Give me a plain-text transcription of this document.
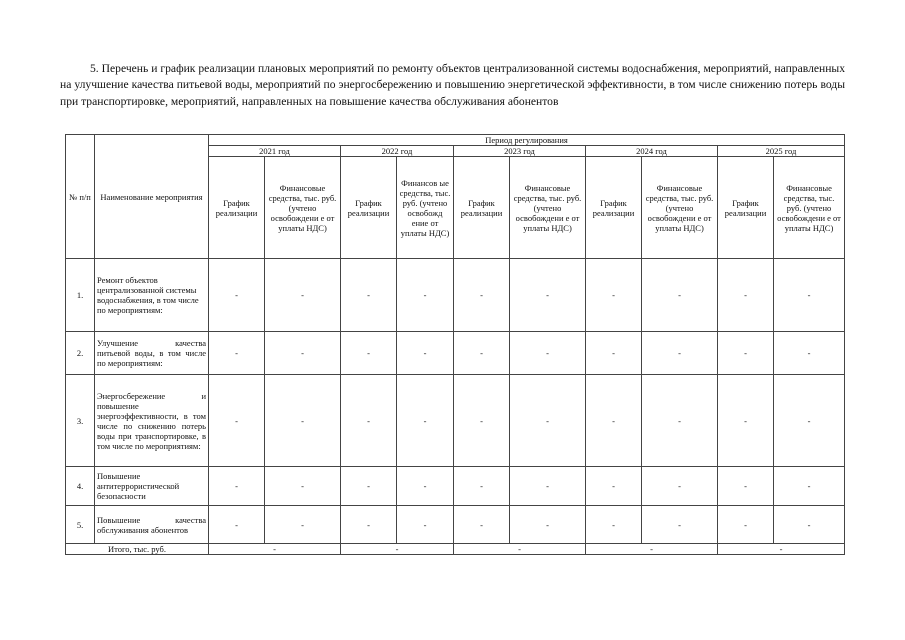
5. Перечень и график реализации плановых мероприятий по ремонту объектов централизованной системы водоснабжения, мероприятий, направленных на улучшение качества питьевой воды, мероприятий по энергосбережению и повышению энергетической эффективности, в том числе снижению потерь воды при транспортировке, мероприятий, направленных на повышение качества обслуживания абонентов
№ п/п	Наименование мероприятия	Период регулирования									
		2021 год		2022 год		2023 год		2024 год		2025 год	
		График реализации	Финансовые средства, тыс. руб. (учтено освобождени е от уплаты НДС)	График реализации	Финансов ые средства, тыс. руб. (учтено освобожд ение от уплаты НДС)	График реализации	Финансовые средства, тыс. руб. (учтено освобождени е от уплаты НДС)	График реализации	Финансовые средства, тыс. руб. (учтено освобождени е от уплаты НДС)	График реализации	Финансовые средства, тыс. руб. (учтено освобождени е от уплаты НДС)
1.	Ремонт объектов централизованной системы водоснабжения, в том числе по мероприятиям:	-	-	-	-	-	-	-	-	-	-
2.	Улучшение качества питьевой воды, в том числе по мероприятиям:	-	-	-	-	-	-	-	-	-	-
3.	Энергосбережение и повышение энергоэффективности, в том числе по снижению потерь воды при транспортировке, в том числе по мероприятиям:	-	-	-	-	-	-	-	-	-	-
4.	Повышение антитеррористической безопасности	-	-	-	-	-	-	-	-	-	-
5.	Повышение качества обслуживания абонентов	-	-	-	-	-	-	-	-	-	-
Итого, тыс. руб.		-		-		-		-		-	
